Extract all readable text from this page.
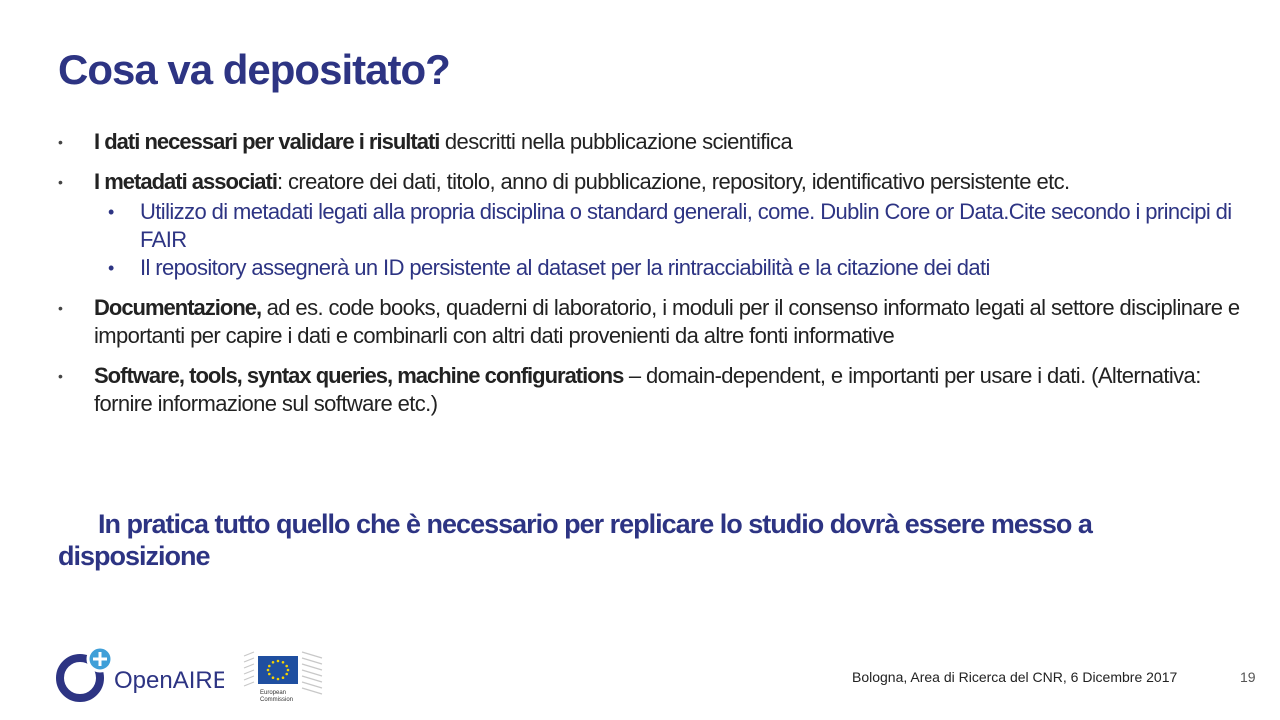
Cosa va depositato?
• I dati necessari per validare i risultati descritti nella pubblicazione scientifica
• I metadati associati: creatore dei dati, titolo, anno di pubblicazione, repository, identificativo persistente etc.
• Utilizzo di metadati legati alla propria disciplina o standard generali, come. Dublin Core or Data.Cite secondo i principi di FAIR
• Il repository assegnerà un ID persistente al dataset per la rintracciabilità e la citazione dei dati
• Documentazione, ad es. code books, quaderni di laboratorio, i moduli per il consenso informato legati al settore disciplinare e importanti per capire i dati e combinarli con altri dati provenienti da altre fonti informative
• Software, tools, syntax queries, machine configurations – domain-dependent, e importanti per usare i dati. (Alternativa: fornire informazione sul software etc.)
In pratica tutto quello che è necessario per replicare lo studio dovrà essere messo a disposizione
OpenAIRE	European
Commission
Bologna, Area di Ricerca del CNR, 6 Dicembre 2017	19
